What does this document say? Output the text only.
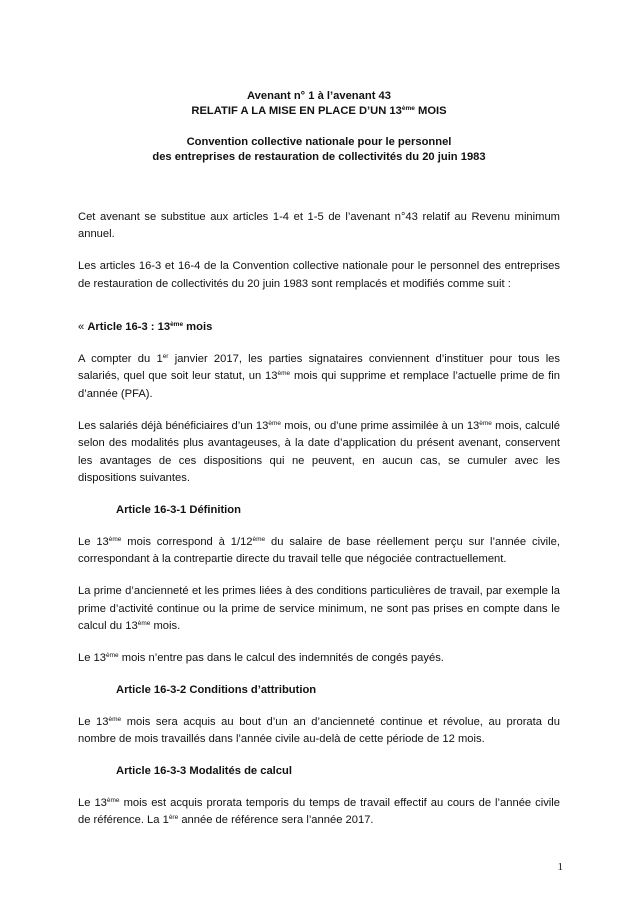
Avenant n° 1 à l’avenant 43
RELATIF A LA MISE EN PLACE D’UN 13ème MOIS
Convention collective nationale pour le personnel
des entreprises de restauration de collectivités du 20 juin 1983

Cet avenant se substitue aux articles 1-4 et 1-5 de l’avenant n°43 relatif au Revenu minimum annuel.

Les articles 16-3 et 16-4 de la Convention collective nationale pour le personnel des entreprises de restauration de collectivités du 20 juin 1983 sont remplacés et modifiés comme suit :

« Article 16-3 : 13ème mois

A compter du 1er janvier 2017, les parties signataires conviennent d’instituer pour tous les salariés, quel que soit leur statut, un 13ème mois qui supprime et remplace l’actuelle prime de fin d’année (PFA).

Les salariés déjà bénéficiaires d’un 13ème mois, ou d’une prime assimilée à un 13ème mois, calculé selon des modalités plus avantageuses, à la date d’application du présent avenant, conservent les avantages de ces dispositions qui ne peuvent, en aucun cas, se cumuler avec les dispositions suivantes.

Article 16-3-1 Définition

Le 13ème mois correspond à 1/12ème du salaire de base réellement perçu sur l’année civile, correspondant à la contrepartie directe du travail telle que négociée contractuellement.

La prime d’ancienneté et les primes liées à des conditions particulières de travail, par exemple la prime d’activité continue ou la prime de service minimum, ne sont pas prises en compte dans le calcul du 13ème mois.

Le 13ème mois n’entre pas dans le calcul des indemnités de congés payés.

Article 16-3-2 Conditions d’attribution

Le 13ème mois sera acquis au bout d’un an d’ancienneté continue et révolue, au prorata du nombre de mois travaillés dans l’année civile au-delà de cette période de 12 mois.

Article 16-3-3 Modalités de calcul

Le 13ème mois est acquis prorata temporis du temps de travail effectif au cours de l’année civile de référence. La 1ère année de référence sera l’année 2017.

1
